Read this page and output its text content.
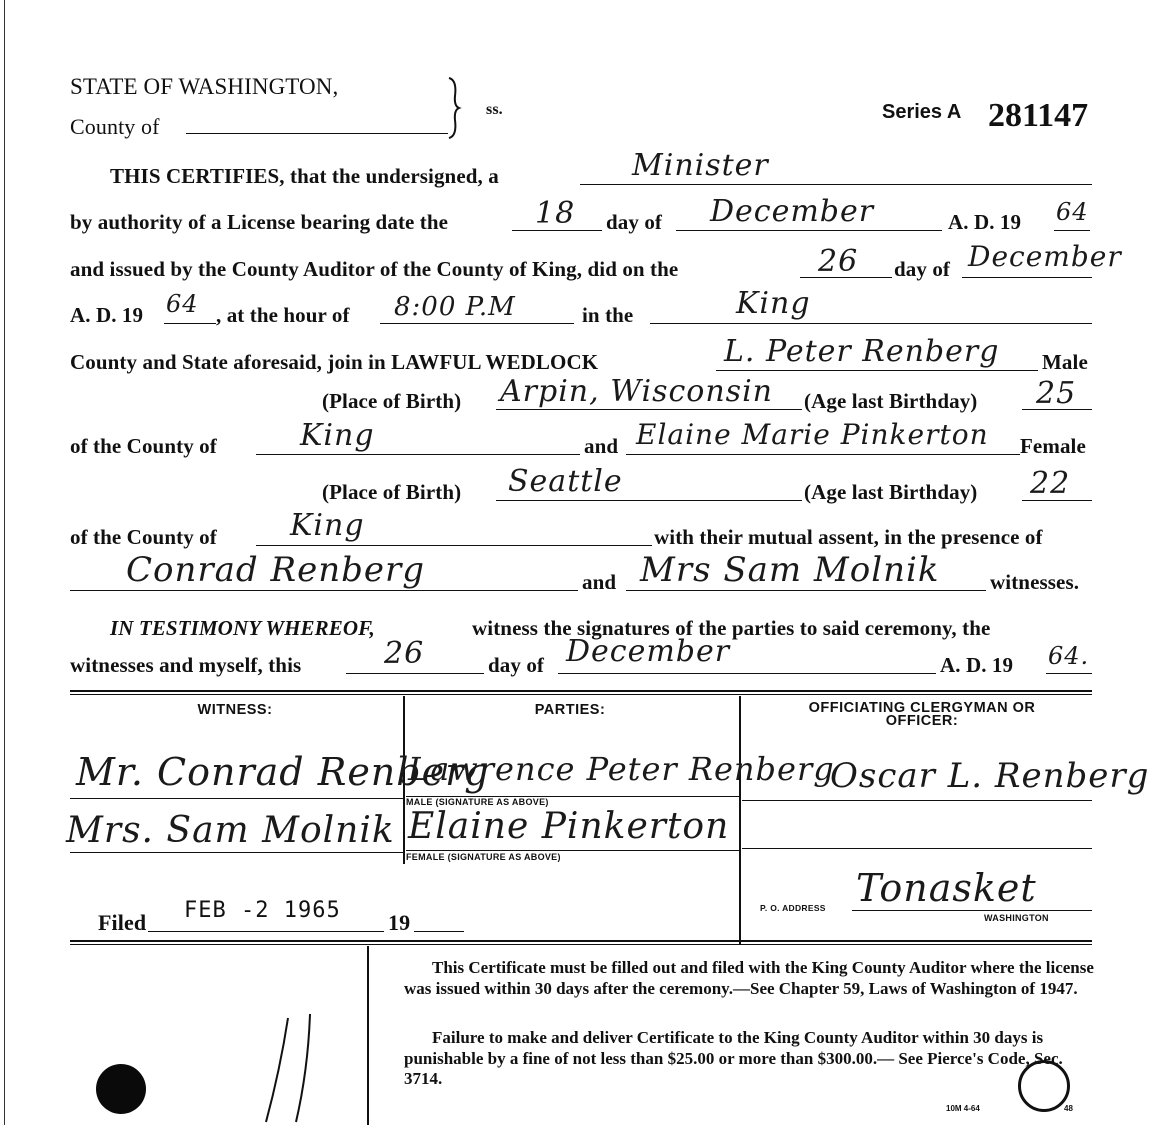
STATE OF WASHINGTON,
County of
ss.	Series A 281147
THIS CERTIFIES, that the undersigned, a	Minister
by authority of a License bearing date the	18 day of December	A. D. 19 64
and issued by the County Auditor of the County of King, did on the	26 day of December
A. D. 19 64 , at the hour of 8:00 P.M	in the	King
County and State aforesaid, join in LAWFUL WEDLOCK	L. Peter Renberg Male
(Place of Birth) Arpin, Wisconsin (Age last Birthday) 25
of the County of	King	and Elaine Marie Pinkerton Female
(Place of Birth) Seattle	(Age last Birthday) 22
of the County of King	with their mutual assent, in the presence of
Conrad Renberg	and Mrs Sam Molnik witnesses.
IN TESTIMONY WHEREOF,	witness the signatures of the parties to said ceremony, the
witnesses and myself, this	26	day of December	A. D. 19 64.
WITNESS:	PARTIES:	OFFICIATING CLERGYMAN OR OFFICER:
Mr. Conrad Renberg
Mrs. Sam Molnik
Lawrence Peter Renberg
MALE (SIGNATURE AS ABOVE)
Elaine Pinkerton
FEMALE (SIGNATURE AS ABOVE)
Oscar L. Renberg
P. O. ADDRESS Tonasket
WASHINGTON
Filed FEB -2 1965 19
This Certificate must be filled out and filed with the King County Auditor where the license was issued within 30 days after the ceremony.—See Chapter 59, Laws of Washington of 1947.
Failure to make and deliver Certificate to the King County Auditor within 30 days is punishable by a fine of not less than $25.00 or more than $300.00.— See Pierce's Code, Sec. 3714.
10M 4-64	48
